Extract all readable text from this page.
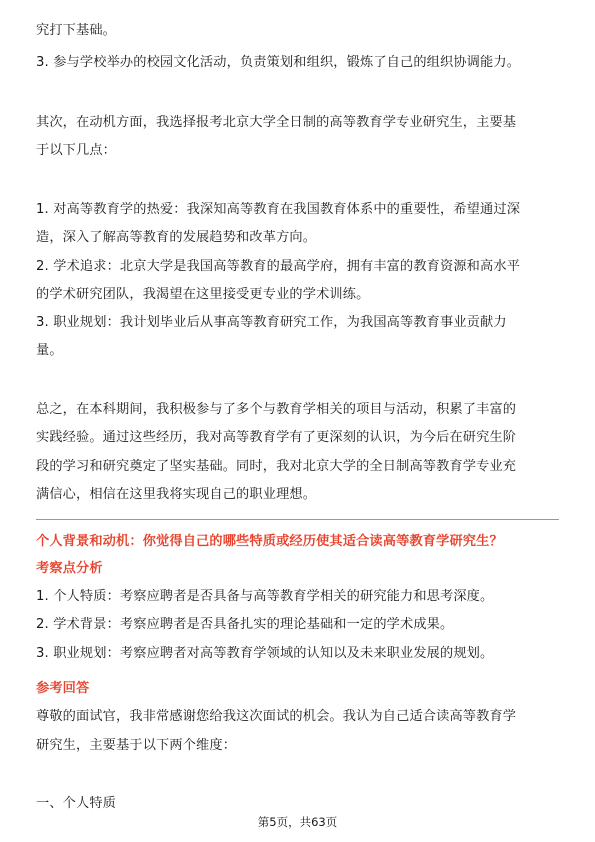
究打下基础。
3. 参与学校举办的校园文化活动，负责策划和组织，锻炼了自己的组织协调能力。
其次，在动机方面，我选择报考北京大学全日制的高等教育学专业研究生，主要基
于以下几点：
1. 对高等教育学的热爱：我深知高等教育在我国教育体系中的重要性，希望通过深
造，深入了解高等教育的发展趋势和改革方向。
2. 学术追求：北京大学是我国高等教育的最高学府，拥有丰富的教育资源和高水平
的学术研究团队，我渴望在这里接受更专业的学术训练。
3. 职业规划：我计划毕业后从事高等教育研究工作，为我国高等教育事业贡献力
量。
总之，在本科期间，我积极参与了多个与教育学相关的项目与活动，积累了丰富的
实践经验。通过这些经历，我对高等教育学有了更深刻的认识，为今后在研究生阶
段的学习和研究奠定了坚实基础。同时，我对北京大学的全日制高等教育学专业充
满信心，相信在这里我将实现自己的职业理想。
个人背景和动机：你觉得自己的哪些特质或经历使其适合读高等教育学研究生？
考察点分析
1. 个人特质：考察应聘者是否具备与高等教育学相关的研究能力和思考深度。
2. 学术背景：考察应聘者是否具备扎实的理论基础和一定的学术成果。
3. 职业规划：考察应聘者对高等教育学领域的认知以及未来职业发展的规划。
参考回答
尊敬的面试官，我非常感谢您给我这次面试的机会。我认为自己适合读高等教育学
研究生，主要基于以下两个维度：
一、个人特质
第5页，共63页
